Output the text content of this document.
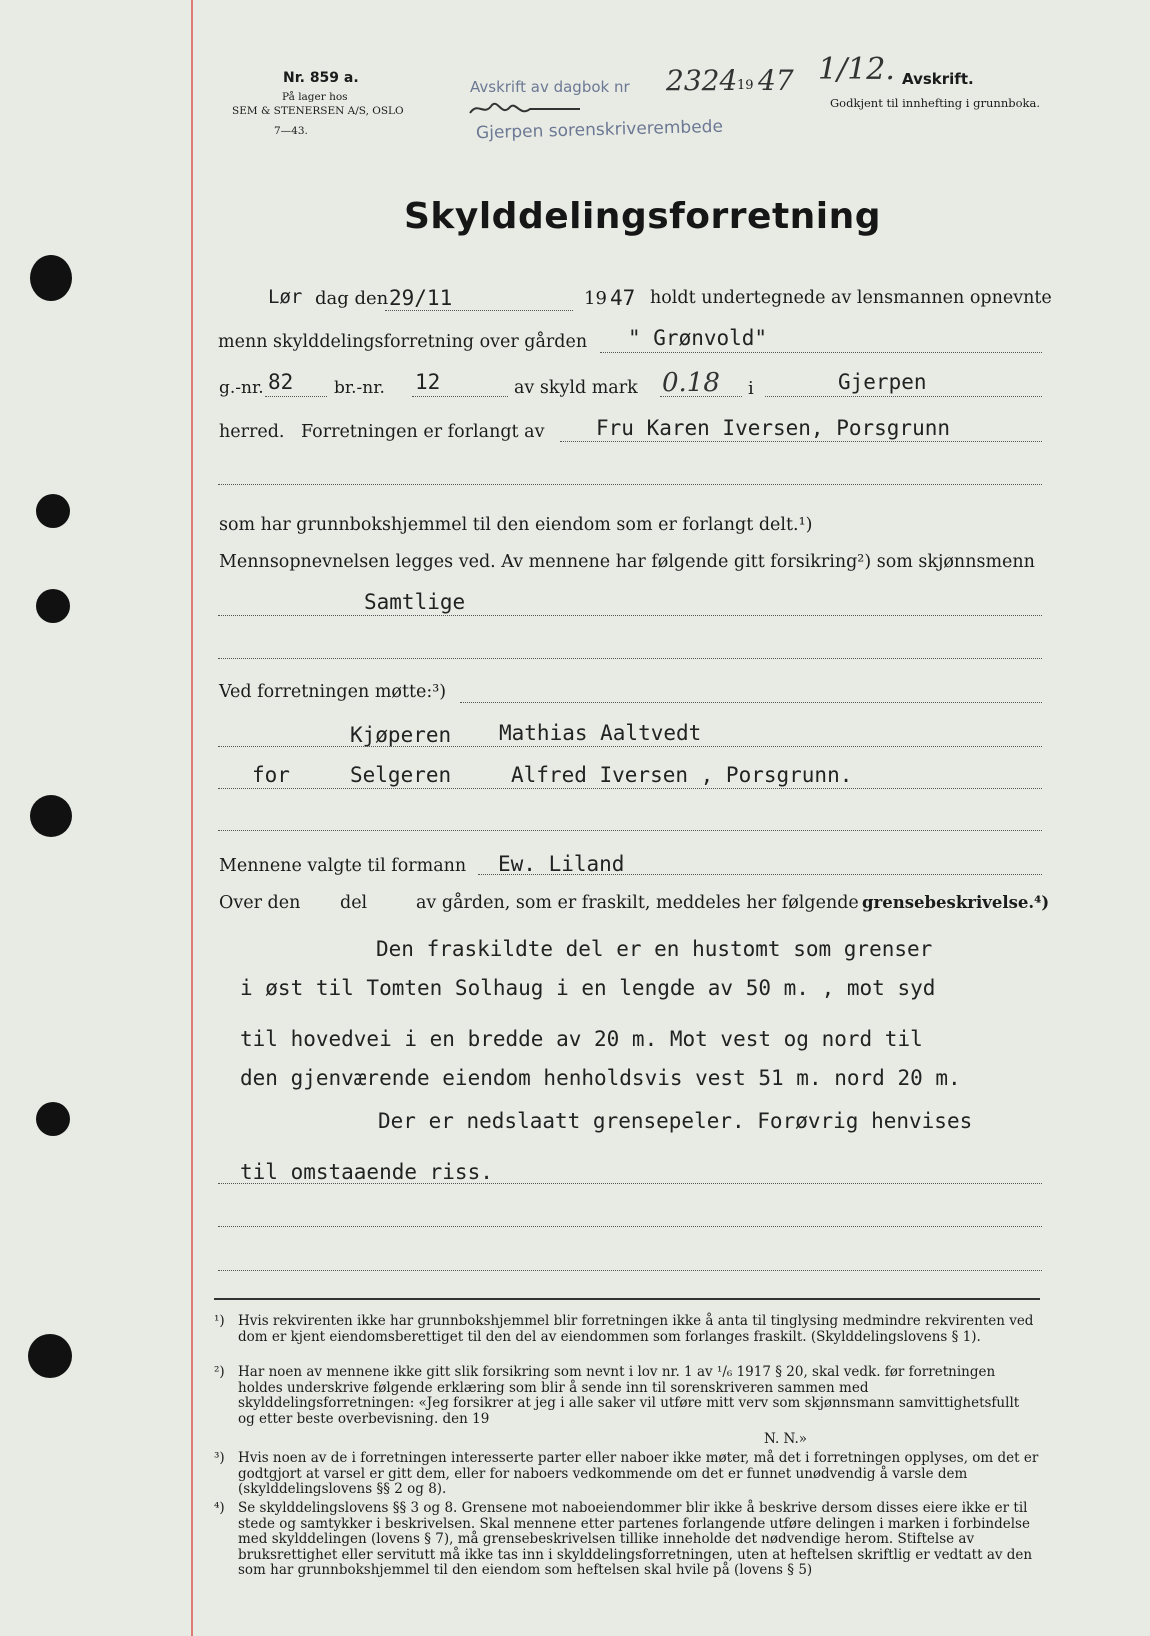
Nr. 859 a.
På lager hos
SEM & STENERSEN A/S, OSLO
7—43.
Avskrift av dagbok nr
Gjerpen sorenskriverembede
2324 19 47 1/12. Avskrift.
Godkjent til innhefting i grunnboka.
Skylddelingsforretning
Lør dag den 29/11	19 47 holdt undertegnede av lensmannen opnevnte
menn skylddelingsforretning over gården " Grønvold"
g.-nr. 82 br.-nr. 12	av skyld mark 0.18 i	Gjerpen
herred. Forretningen er forlangt av Fru Karen Iversen, Porsgrunn
som har grunnbokshjemmel til den eiendom som er forlangt delt.¹)
Mennsopnevnelsen legges ved. Av mennene har følgende gitt forsikring²) som skjønnsmenn
Samtlige
Ved forretningen møtte:³)
Kjøperen Mathias Aaltvedt
for	Selgeren	Alfred Iversen , Porsgrunn.
Mennene valgte til formann Ew. Liland
Over den del	av gården, som er fraskilt, meddeles her følgende grensebeskrivelse.⁴)
Den fraskildte del er en hustomt som grenser
i øst til Tomten Solhaug i en lengde av 50 m. , mot syd
til hovedvei i en bredde av 20 m. Mot vest og nord til
den gjenværende eiendom henholdsvis vest 51 m. nord 20 m.
Der er nedslaatt grensepeler. Forøvrig henvises
til omstaaende riss.
¹) Hvis rekvirenten ikke har grunnbokshjemmel blir forretningen ikke å anta til tinglysing medmindre rekvirenten ved dom er kjent eiendomsberettiget til den del av eiendommen som forlanges fraskilt. (Skylddelingslovens § 1).
²) Har noen av mennene ikke gitt slik forsikring som nevnt i lov nr. 1 av ¹/₆ 1917 § 20, skal vedk. før forretningen holdes underskrive følgende erklæring som blir å sende inn til sorenskriveren sammen med skylddelingsforretningen: «Jeg forsikrer at jeg i alle saker vil utføre mitt verv som skjønnsmann samvittighetsfullt og etter beste overbevisning. den 19
N. N.»
³) Hvis noen av de i forretningen interesserte parter eller naboer ikke møter, må det i forretningen opplyses, om det er godtgjort at varsel er gitt dem, eller for naboers vedkommende om det er funnet unødvendig å varsle dem (skylddelingslovens §§ 2 og 8).
⁴) Se skylddelingslovens §§ 3 og 8. Grensene mot naboeiendommer blir ikke å beskrive dersom disses eiere ikke er til stede og samtykker i beskrivelsen. Skal mennene etter partenes forlangende utføre delingen i marken i forbindelse med skylddelingen (lovens § 7), må grensebeskrivelsen tillike inneholde det nødvendige herom. Stiftelse av bruksrettighet eller servitutt må ikke tas inn i skylddelingsforretningen, uten at heftelsen skriftlig er vedtatt av den som har grunnbokshjemmel til den eiendom som heftelsen skal hvile på (lovens § 5)
